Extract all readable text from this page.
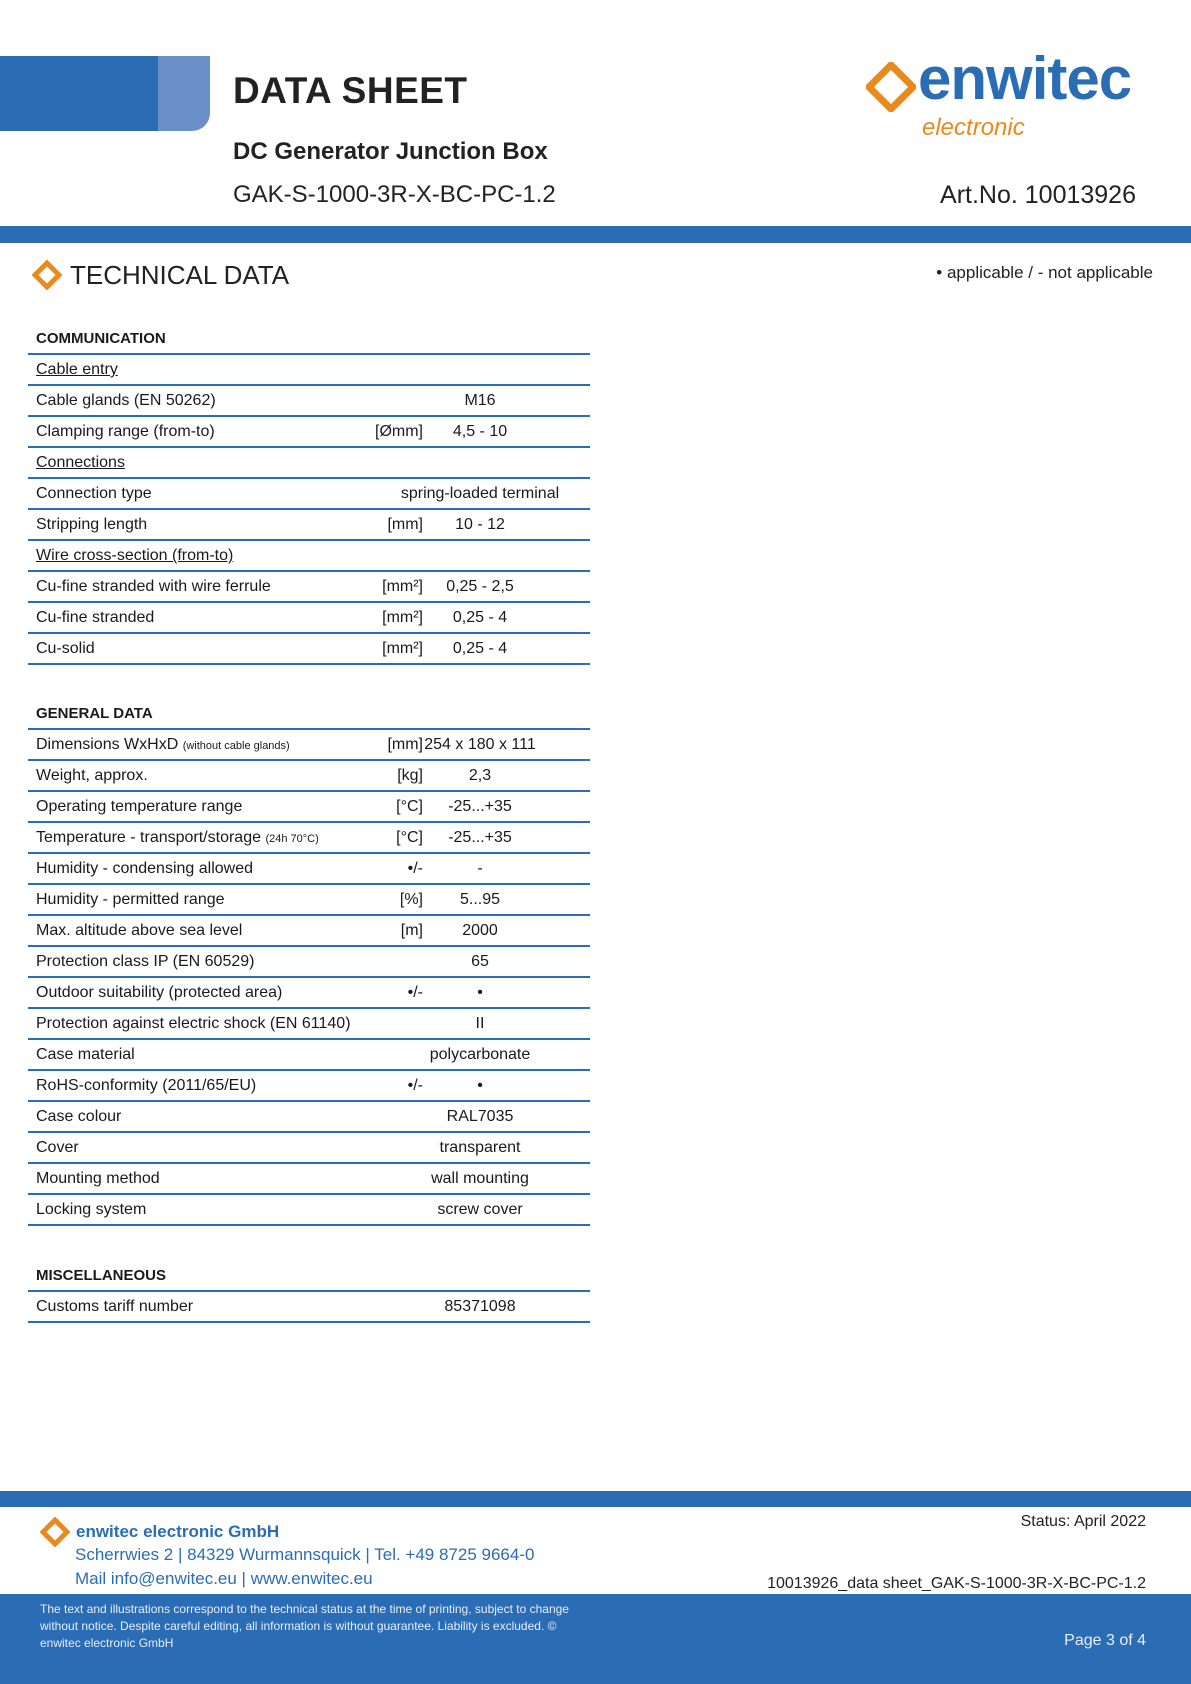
DATA SHEET
DC Generator Junction Box
GAK-S-1000-3R-X-BC-PC-1.2	Art.No. 10013926
enwitec
electronic
TECHNICAL DATA	• applicable / - not applicable
COMMUNICATION
Cable entry
Cable glands (EN 50262)	M16
Clamping range (from-to)	[Ømm]	4,5 - 10
Connections
Connection type	spring-loaded terminal
Stripping length	[mm]	10 - 12
Wire cross-section (from-to)
Cu-fine stranded with wire ferrule	[mm²]	0,25 - 2,5
Cu-fine stranded	[mm²]	0,25 - 4
Cu-solid	[mm²]	0,25 - 4
GENERAL DATA
Dimensions WxHxD (without cable glands)	[mm] 254 x 180 x 111
Weight, approx.	[kg]	2,3
Operating temperature range	[°C]	-25...+35
Temperature - transport/storage (24h 70°C)	[°C]	-25...+35
Humidity - condensing allowed	•/-	-
Humidity - permitted range	[%]	5...95
Max. altitude above sea level	[m]	2000
Protection class IP (EN 60529)	65
Outdoor suitability (protected area)	•/-	•
Protection against electric shock (EN 61140)	II
Case material	polycarbonate
RoHS-conformity (2011/65/EU)	•/-	•
Case colour	RAL7035
Cover	transparent
Mounting method	wall mounting
Locking system	screw cover
MISCELLANEOUS
Customs tariff number	85371098
enwitec electronic GmbH
Scherrwies 2 | 84329 Wurmannsquick | Tel. +49 8725 9664-0
Mail info@enwitec.eu | www.enwitec.eu
Status: April 2022
10013926_data sheet_GAK-S-1000-3R-X-BC-PC-1.2
The text and illustrations correspond to the technical status at the time of printing, subject to change without notice. Despite careful editing, all information is without guarantee. Liability is excluded. © enwitec electronic GmbH	Page 3 of 4
